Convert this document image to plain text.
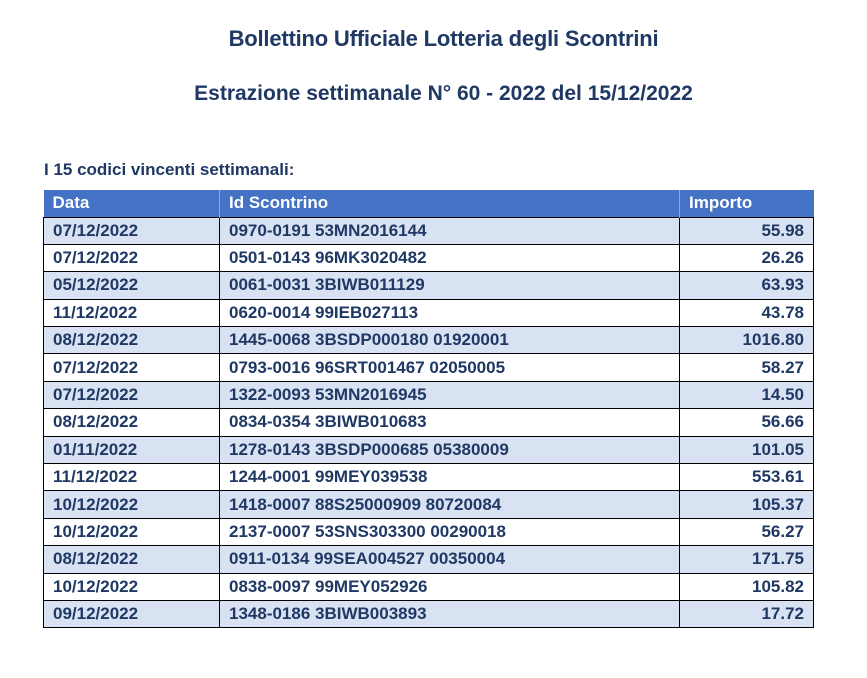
Bollettino Ufficiale Lotteria degli Scontrini
Estrazione settimanale N° 60 - 2022 del 15/12/2022

I 15 codici vincenti settimanali:

Data	Id Scontrino	Importo
07/12/2022	0970-0191 53MN2016144	55.98
07/12/2022	0501-0143 96MK3020482	26.26
05/12/2022	0061-0031 3BIWB011129	63.93
11/12/2022	0620-0014 99IEB027113	43.78
08/12/2022	1445-0068 3BSDP000180 01920001	1016.80
07/12/2022	0793-0016 96SRT001467 02050005	58.27
07/12/2022	1322-0093 53MN2016945	14.50
08/12/2022	0834-0354 3BIWB010683	56.66
01/11/2022	1278-0143 3BSDP000685 05380009	101.05
11/12/2022	1244-0001 99MEY039538	553.61
10/12/2022	1418-0007 88S25000909 80720084	105.37
10/12/2022	2137-0007 53SNS303300 00290018	56.27
08/12/2022	0911-0134 99SEA004527 00350004	171.75
10/12/2022	0838-0097 99MEY052926	105.82
09/12/2022	1348-0186 3BIWB003893	17.72
